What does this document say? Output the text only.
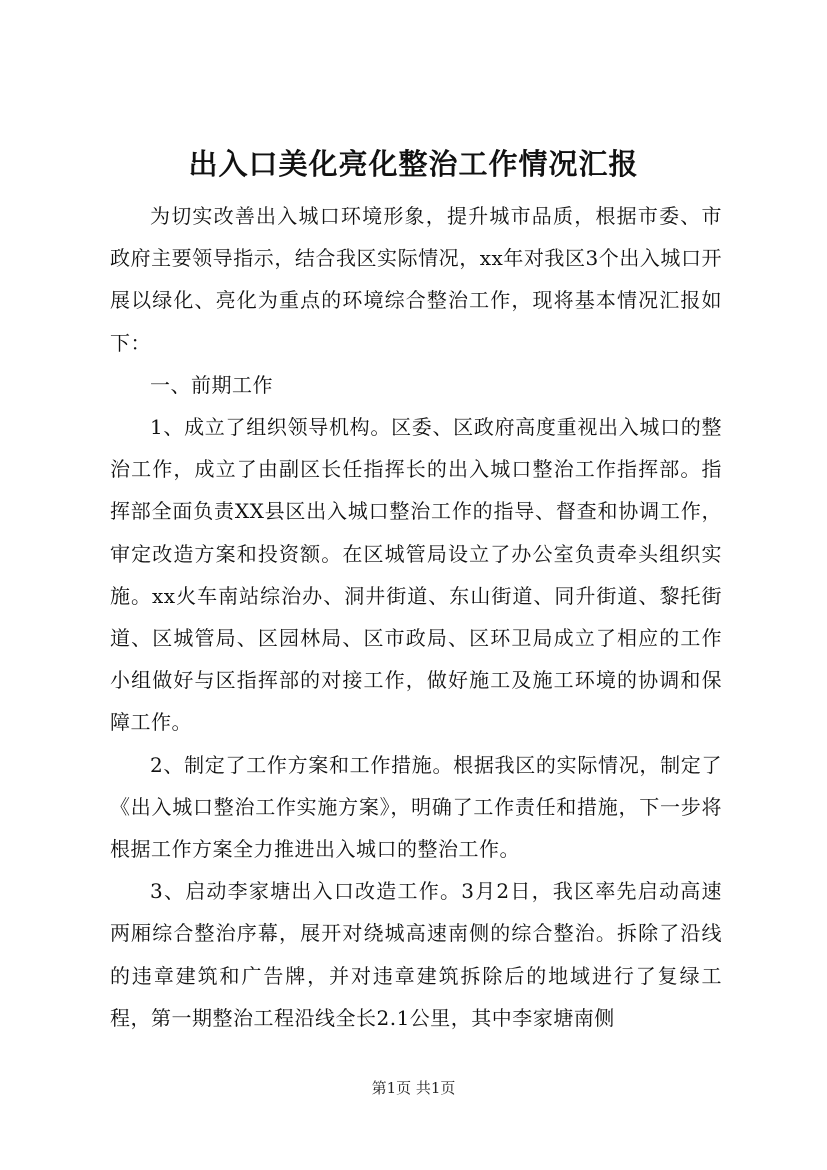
出入口美化亮化整治工作情况汇报

为切实改善出入城口环境形象，提升城市品质，根据市委、市政府主要领导指示，结合我区实际情况，xx年对我区3个出入城口开展以绿化、亮化为重点的环境综合整治工作，现将基本情况汇报如下：

一、前期工作

1、成立了组织领导机构。区委、区政府高度重视出入城口的整治工作，成立了由副区长任指挥长的出入城口整治工作指挥部。指挥部全面负责XX县区出入城口整治工作的指导、督查和协调工作，审定改造方案和投资额。在区城管局设立了办公室负责牵头组织实施。xx火车南站综治办、洞井街道、东山街道、同升街道、黎托街道、区城管局、区园林局、区市政局、区环卫局成立了相应的工作小组做好与区指挥部的对接工作，做好施工及施工环境的协调和保障工作。

2、制定了工作方案和工作措施。根据我区的实际情况，制定了《出入城口整治工作实施方案》，明确了工作责任和措施，下一步将根据工作方案全力推进出入城口的整治工作。

3、启动李家塘出入口改造工作。3月2日，我区率先启动高速两厢综合整治序幕，展开对绕城高速南侧的综合整治。拆除了沿线的违章建筑和广告牌，并对违章建筑拆除后的地域进行了复绿工程，第一期整治工程沿线全长2.1公里，其中李家塘南侧

第1页 共1页
